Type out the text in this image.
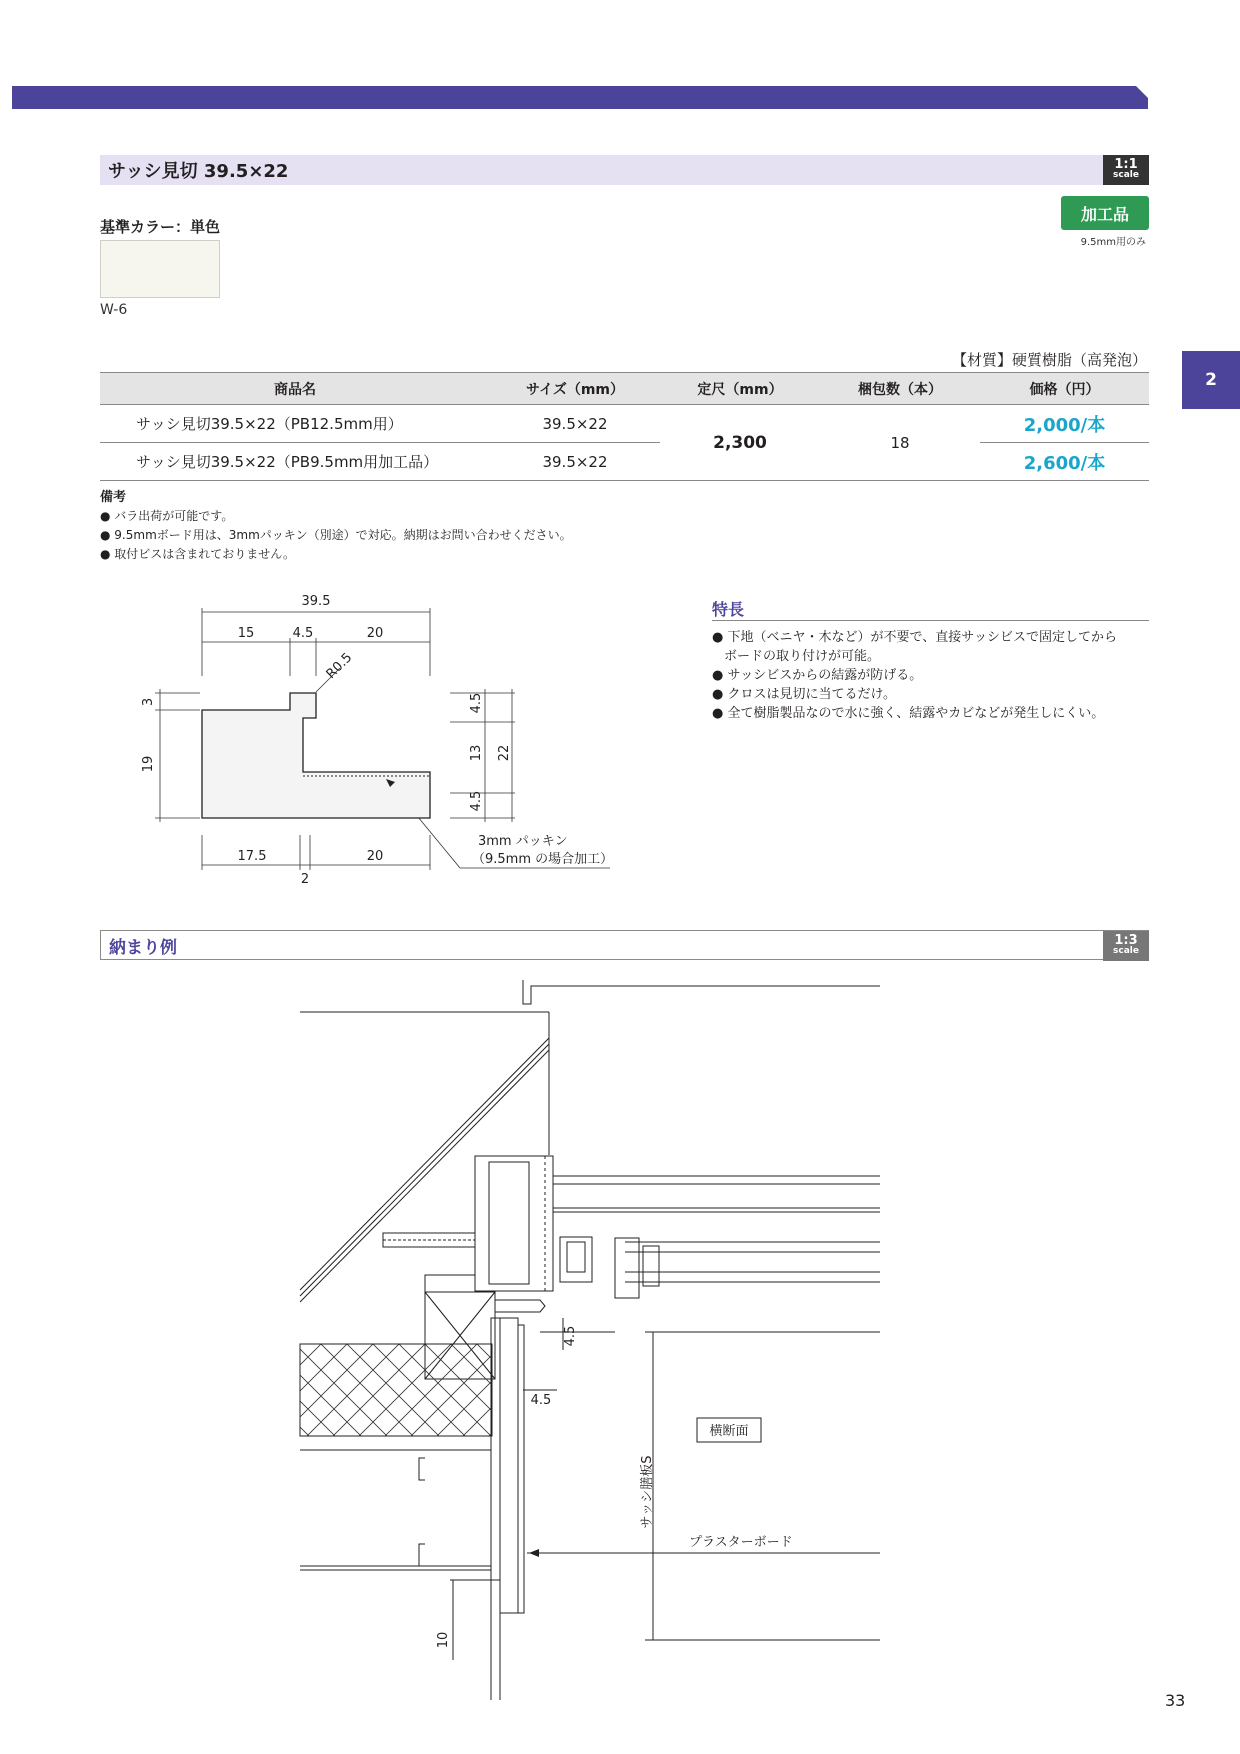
2
サッシ見切 39.5×22	1:1
scale
基準カラー：単色
W-6
加工品
9.5mm用のみ
【材質】硬質樹脂（高発泡）
商品名	サイズ（mm）	定尺（mm）	梱包数（本）	価格（円）
サッシ見切39.5×22（PB12.5mm用）	39.5×22	2,300	18	2,000/本
サッシ見切39.5×22（PB9.5mm用加工品）	39.5×22			2,600/本
備考
● バラ出荷が可能です。
● 9.5mmボード用は、3mmパッキン（別途）で対応。納期はお問い合わせください。
● 取付ビスは含まれておりません。
39.5
15	4.5	20
R0.5
3
19
4.5
13
4.5
22
17.5	20
2
3mm パッキン
（9.5mm の場合加工）
特長
● 下地（ベニヤ・木など）が不要で、直接サッシビスで固定してから
ボードの取り付けが可能。
● サッシビスからの結露が防げる。
● クロスは見切に当てるだけ。
● 全て樹脂製品なので水に強く、結露やカビなどが発生しにくい。
納まり例	1:3
scale
4.5
4.5
横断面
サッシ膳板S
プラスターボード
10
33
